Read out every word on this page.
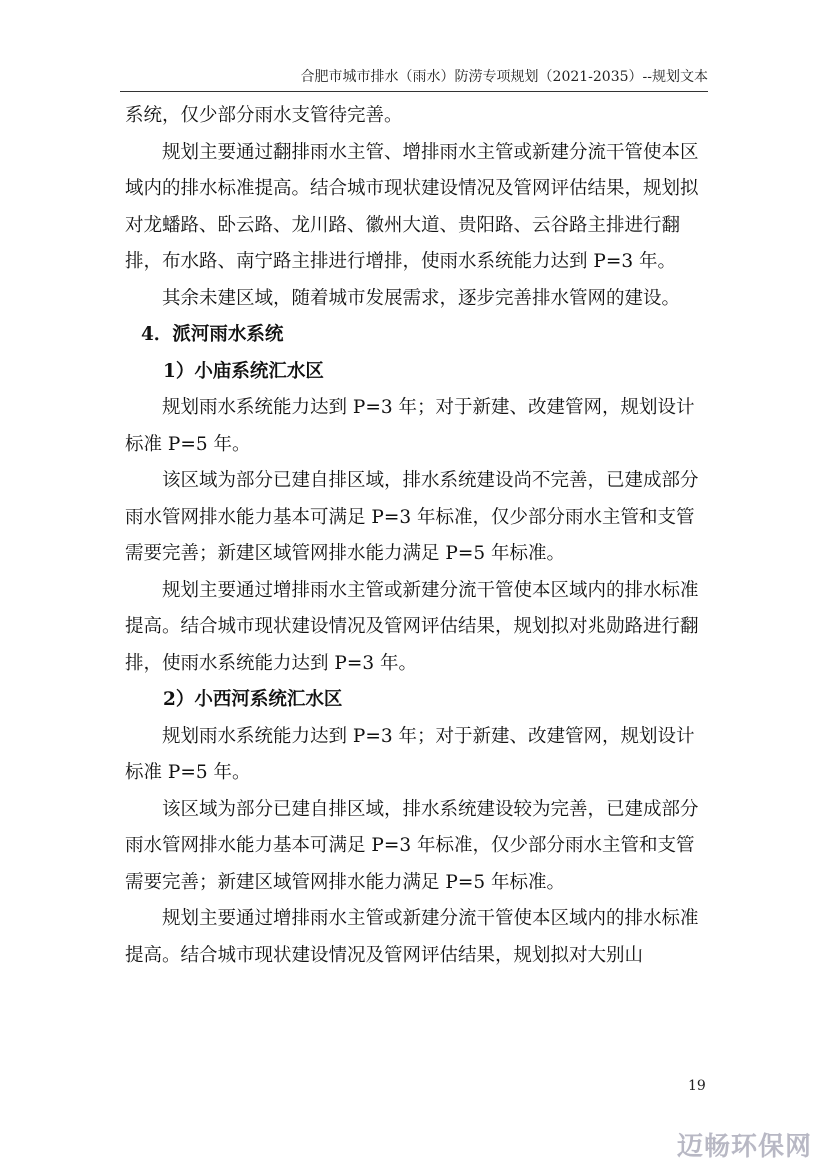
合肥市城市排水（雨水）防涝专项规划（2021-2035）--规划文本

系统，仅少部分雨水支管待完善。

规划主要通过翻排雨水主管、增排雨水主管或新建分流干管使本区域内的排水标准提高。结合城市现状建设情况及管网评估结果，规划拟对龙蟠路、卧云路、龙川路、徽州大道、贵阳路、云谷路主排进行翻排，布水路、南宁路主排进行增排，使雨水系统能力达到 P=3 年。

其余未建区域，随着城市发展需求，逐步完善排水管网的建设。

4．派河雨水系统

1）小庙系统汇水区

规划雨水系统能力达到 P=3 年；对于新建、改建管网，规划设计标准 P=5 年。

该区域为部分已建自排区域，排水系统建设尚不完善，已建成部分雨水管网排水能力基本可满足 P=3 年标准，仅少部分雨水主管和支管需要完善；新建区域管网排水能力满足 P=5 年标准。

规划主要通过增排雨水主管或新建分流干管使本区域内的排水标准提高。结合城市现状建设情况及管网评估结果，规划拟对兆勋路进行翻排，使雨水系统能力达到 P=3 年。

2）小西河系统汇水区

规划雨水系统能力达到 P=3 年；对于新建、改建管网，规划设计标准 P=5 年。

该区域为部分已建自排区域，排水系统建设较为完善，已建成部分雨水管网排水能力基本可满足 P=3 年标准，仅少部分雨水主管和支管需要完善；新建区域管网排水能力满足 P=5 年标准。

规划主要通过增排雨水主管或新建分流干管使本区域内的排水标准提高。结合城市现状建设情况及管网评估结果，规划拟对大别山

19
迈畅环保网
